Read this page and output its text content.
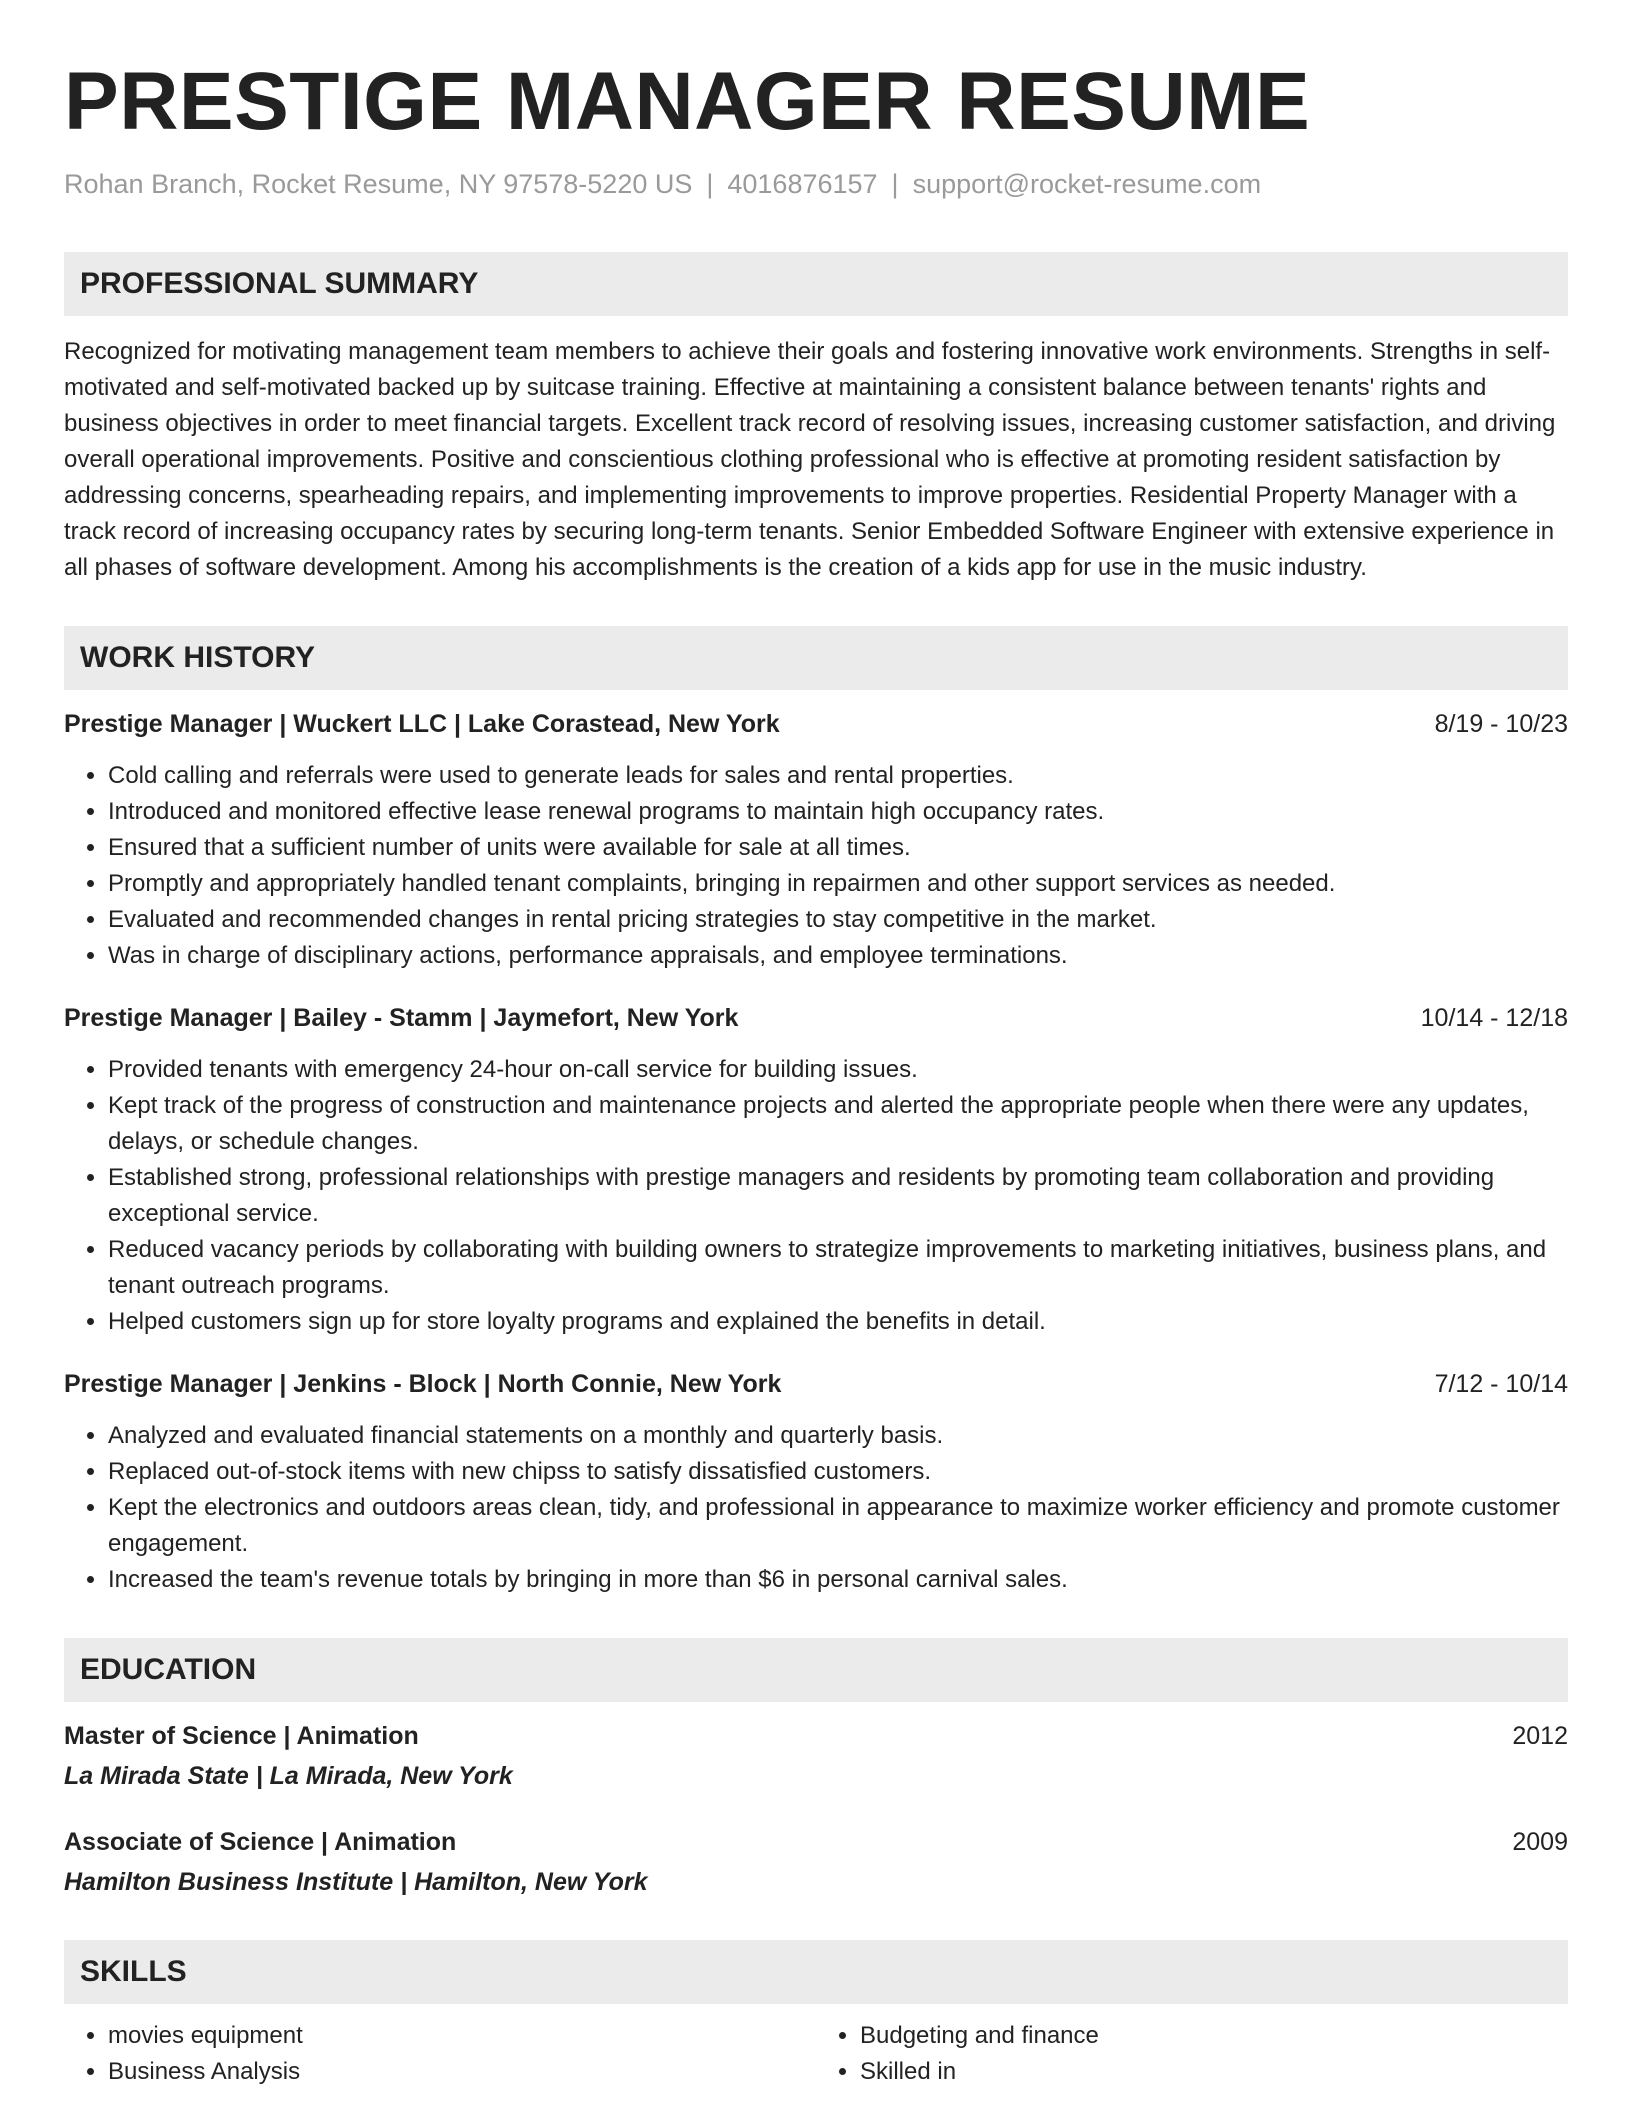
PRESTIGE MANAGER RESUME
Rohan Branch, Rocket Resume, NY 97578-5220 US | 4016876157 | support@rocket-resume.com
PROFESSIONAL SUMMARY
Recognized for motivating management team members to achieve their goals and fostering innovative work environments. Strengths in self-motivated and self-motivated backed up by suitcase training. Effective at maintaining a consistent balance between tenants' rights and business objectives in order to meet financial targets. Excellent track record of resolving issues, increasing customer satisfaction, and driving overall operational improvements. Positive and conscientious clothing professional who is effective at promoting resident satisfaction by addressing concerns, spearheading repairs, and implementing improvements to improve properties. Residential Property Manager with a track record of increasing occupancy rates by securing long-term tenants. Senior Embedded Software Engineer with extensive experience in all phases of software development. Among his accomplishments is the creation of a kids app for use in the music industry.
WORK HISTORY
Prestige Manager | Wuckert LLC | Lake Corastead, New York	8/19 - 10/23
• Cold calling and referrals were used to generate leads for sales and rental properties.
• Introduced and monitored effective lease renewal programs to maintain high occupancy rates.
• Ensured that a sufficient number of units were available for sale at all times.
• Promptly and appropriately handled tenant complaints, bringing in repairmen and other support services as needed.
• Evaluated and recommended changes in rental pricing strategies to stay competitive in the market.
• Was in charge of disciplinary actions, performance appraisals, and employee terminations.
Prestige Manager | Bailey - Stamm | Jaymefort, New York	10/14 - 12/18
• Provided tenants with emergency 24-hour on-call service for building issues.
• Kept track of the progress of construction and maintenance projects and alerted the appropriate people when there were any updates, delays, or schedule changes.
• Established strong, professional relationships with prestige managers and residents by promoting team collaboration and providing exceptional service.
• Reduced vacancy periods by collaborating with building owners to strategize improvements to marketing initiatives, business plans, and tenant outreach programs.
• Helped customers sign up for store loyalty programs and explained the benefits in detail.
Prestige Manager | Jenkins - Block | North Connie, New York	7/12 - 10/14
• Analyzed and evaluated financial statements on a monthly and quarterly basis.
• Replaced out-of-stock items with new chipss to satisfy dissatisfied customers.
• Kept the electronics and outdoors areas clean, tidy, and professional in appearance to maximize worker efficiency and promote customer engagement.
• Increased the team's revenue totals by bringing in more than $6 in personal carnival sales.
EDUCATION
Master of Science | Animation	2012
La Mirada State | La Mirada, New York
Associate of Science | Animation	2009
Hamilton Business Institute | Hamilton, New York
SKILLS
• movies equipment
• Business Analysis
• Budgeting and finance
• Skilled in
